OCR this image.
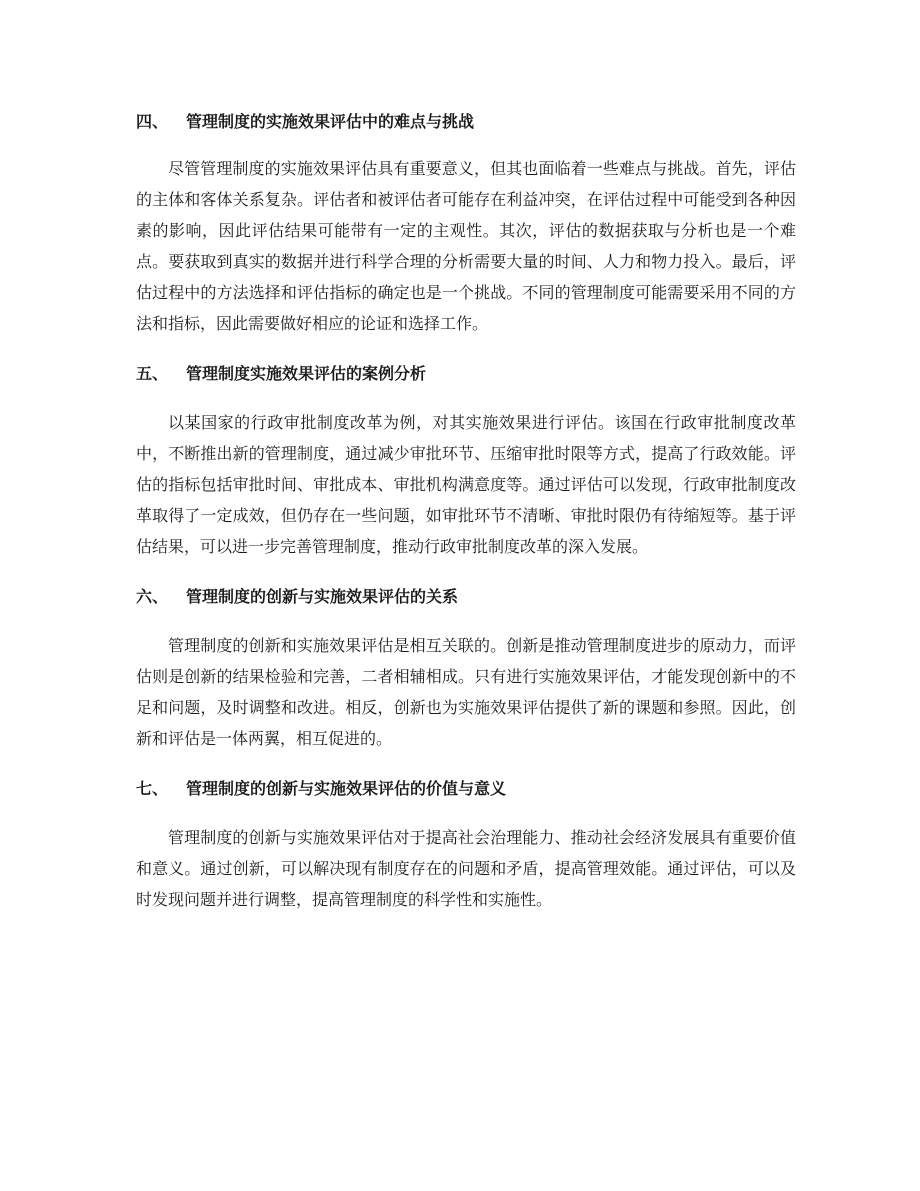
四、	管理制度的实施效果评估中的难点与挑战

尽管管理制度的实施效果评估具有重要意义，但其也面临着一些难点与挑战。首先，评估的主体和客体关系复杂。评估者和被评估者可能存在利益冲突，在评估过程中可能受到各种因素的影响，因此评估结果可能带有一定的主观性。其次，评估的数据获取与分析也是一个难点。要获取到真实的数据并进行科学合理的分析需要大量的时间、人力和物力投入。最后，评估过程中的方法选择和评估指标的确定也是一个挑战。不同的管理制度可能需要采用不同的方法和指标，因此需要做好相应的论证和选择工作。

五、	管理制度实施效果评估的案例分析

以某国家的行政审批制度改革为例，对其实施效果进行评估。该国在行政审批制度改革中，不断推出新的管理制度，通过减少审批环节、压缩审批时限等方式，提高了行政效能。评估的指标包括审批时间、审批成本、审批机构满意度等。通过评估可以发现，行政审批制度改革取得了一定成效，但仍存在一些问题，如审批环节不清晰、审批时限仍有待缩短等。基于评估结果，可以进一步完善管理制度，推动行政审批制度改革的深入发展。

六、	管理制度的创新与实施效果评估的关系

管理制度的创新和实施效果评估是相互关联的。创新是推动管理制度进步的原动力，而评估则是创新的结果检验和完善，二者相辅相成。只有进行实施效果评估，才能发现创新中的不足和问题，及时调整和改进。相反，创新也为实施效果评估提供了新的课题和参照。因此，创新和评估是一体两翼，相互促进的。

七、	管理制度的创新与实施效果评估的价值与意义

管理制度的创新与实施效果评估对于提高社会治理能力、推动社会经济发展具有重要价值和意义。通过创新，可以解决现有制度存在的问题和矛盾，提高管理效能。通过评估，可以及时发现问题并进行调整，提高管理制度的科学性和实施性。
